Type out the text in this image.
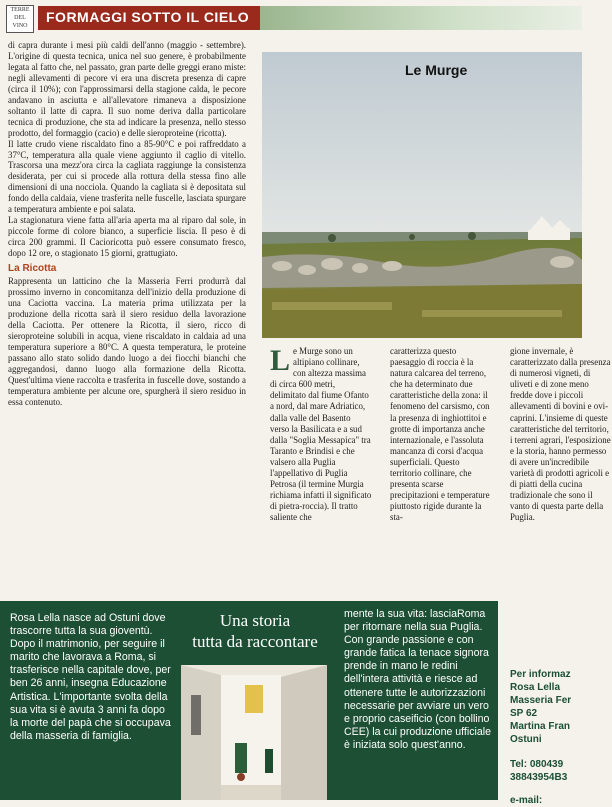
TERRE
DEL
VINO
FORMAGGI SOTTO IL CIELO

di capra durante i mesi più caldi dell'anno (maggio - settembre). L'origine di questa tecnica, unica nel suo genere, è probabilmente legata al fatto che, nel passato, gran parte delle greggi erano miste: negli allevamenti di pecore vi era una discreta presenza di capre (circa il 10%); con l'approssimarsi della stagione calda, le pecore andavano in asciutta e all'allevatore rimaneva a disposizione soltanto il latte di capra. Il suo nome deriva dalla particolare tecnica di produzione, che sta ad indicare la presenza, nello stesso prodotto, del formaggio (cacio) e delle sieroproteine (ricotta).

Il latte crudo viene riscaldato fino a 85-90°C e poi raffreddato a 37°C, temperatura alla quale viene aggiunto il caglio di vitello. Trascorsa una mezz'ora circa la cagliata raggiunge la consistenza desiderata, per cui si procede alla rottura della stessa fino alle dimensioni di una nocciola. Quando la cagliata si è depositata sul fondo della caldaia, viene trasferita nelle fuscelle, lasciata spurgare a temperatura ambiente e poi salata.

La stagionatura viene fatta all'aria aperta ma al riparo dal sole, in piccole forme di colore bianco, a superficie liscia. Il peso è di circa 200 grammi. Il Cacioricotta può essere consumato fresco, dopo 12 ore, o stagionato 15 giorni, grattugiato.

La Ricotta

Rappresenta un latticino che la Masseria Ferri produrrà dal prossimo inverno in concomitanza dell'inizio della produzione di una Caciotta vaccina. La materia prima utilizzata per la produzione della ricotta sarà il siero residuo della lavorazione della Caciotta. Per ottenere la Ricotta, il siero, ricco di sieroproteine solubili in acqua, viene riscaldato in caldaia ad una temperatura superiore a 80°C. A questa temperatura, le proteine passano allo stato solido dando luogo a dei fiocchi bianchi che aggregandosi, danno luogo alla formazione della Ricotta. Quest'ultima viene raccolta e trasferita in fuscelle dove, sostando a temperatura ambiente per alcune ore, spurgherà il siero residuo in essa contenuto.

Le Murge
L e Murge sono un altipiano collinare, con altezza massima di circa 600 metri, delimitato dal fiume Ofanto a nord, dal mare Adriatico, dalla valle del Basento verso la Basilicata e a sud dalla "Soglia Messapica" tra Taranto e Brindisi e che valsero alla Puglia l'appellativo di Puglia Petrosa (il termine Murgia richiama infatti il significato di pietra-roccia). Il tratto saliente che

caratterizza questo paesaggio di roccia è la natura calcarea del terreno, che ha determinato due caratteristiche della zona: il fenomeno del carsismo, con la presenza di inghiottitoi e grotte di importanza anche internazionale, e l'assoluta mancanza di corsi d'acqua superficiali. Questo territorio collinare, che presenta scarse precipitazioni e temperature piuttosto rigide durante la sta-

gione invernale, è caratterizzato dalla presenza di numerosi vigneti, di uliveti e di zone meno fredde dove i piccoli allevamenti di bovini e ovi-caprini. L'insieme di queste caratteristiche del territorio, i terreni agrari, l'esposizione e la storia, hanno permesso di avere un'incredibile varietà di prodotti agricoli e di piatti della cucina tradizionale che sono il vanto di questa parte della Puglia.

Rosa Lella nasce ad Ostuni dove trascorre tutta la sua gioventù. Dopo il matrimonio, per seguire il marito che lavorava a Roma, si trasferisce nella capitale dove, per ben 26 anni, insegna Educazione Artistica. L'importante svolta della sua vita si è avuta 3 anni fa dopo la morte del papà che si occupava della masseria di famiglia.

Una storia
tutta da raccontare

mente la sua vita: lasciaRoma per ritornare nella sua Puglia.

Con grande passione e con grande fatica la tenace signora prende in mano le redini dell'intera attività e riesce ad ottenere tutte le autorizzazioni necessarie per avviare un vero e proprio caseificio (con bollino CEE) la cui produzione ufficiale è iniziata solo quest'anno.

Per informaz

Rosa Lella

Masseria Fer

SP 62

Martina Fran

Ostuni

Tel: 080439

38843954B3

e-mail:
